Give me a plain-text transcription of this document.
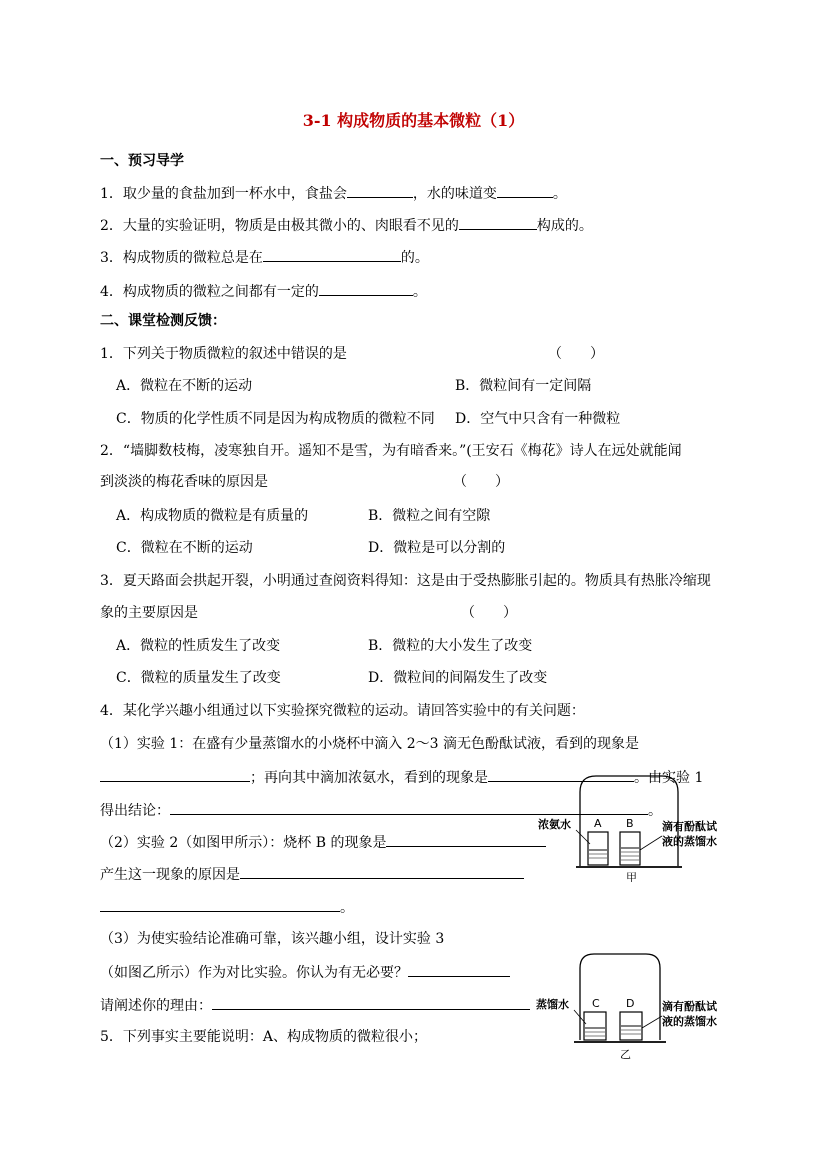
3-1 构成物质的基本微粒（1）
一、预习导学
1．取少量的食盐加到一杯水中，食盐会	，水的味道变	。
2．大量的实验证明，物质是由极其微小的、肉眼看不见的	构成的。
3．构成物质的微粒总是在	的。
4．构成物质的微粒之间都有一定的	。
二、课堂检测反馈：
1．下列关于物质微粒的叙述中错误的是	（　　）
A．微粒在不断的运动	B．微粒间有一定间隔
C．物质的化学性质不同是因为构成物质的微粒不同 D．空气中只含有一种微粒
2．“墙脚数枝梅，凌寒独自开。遥知不是雪，为有暗香来。”(王安石《梅花》诗人在远处就能闻
到淡淡的梅花香味的原因是	（　　）
A．构成物质的微粒是有质量的	B．微粒之间有空隙
C．微粒在不断的运动	D．微粒是可以分割的
3．夏天路面会拱起开裂，小明通过查阅资料得知：这是由于受热膨胀引起的。物质具有热胀冷缩现
象的主要原因是	（　　）
A．微粒的性质发生了改变	B．微粒的大小发生了改变
C．微粒的质量发生了改变	D．微粒间的间隔发生了改变
4．某化学兴趣小组通过以下实验探究微粒的运动。请回答实验中的有关问题：
（1）实验 1：在盛有少量蒸馏水的小烧杯中滴入 2～3 滴无色酚酞试液，看到的现象是
；再向其中滴加浓氨水，看到的现象是	。由实验 1
得出结论：	。
（2）实验 2（如图甲所示）：烧杯 B 的现象是
产生这一现象的原因是
。
（3）为使实验结论准确可靠，该兴趣小组，设计实验 3
（如图乙所示）作为对比实验。你认为有无必要？
请阐述你的理由：
5．下列事实主要能说明：A、构成物质的微粒很小；
浓氨水 A B	滴有酚酞试
液的蒸馏水
甲
蒸馏水 C D	滴有酚酞试
液的蒸馏水
乙
